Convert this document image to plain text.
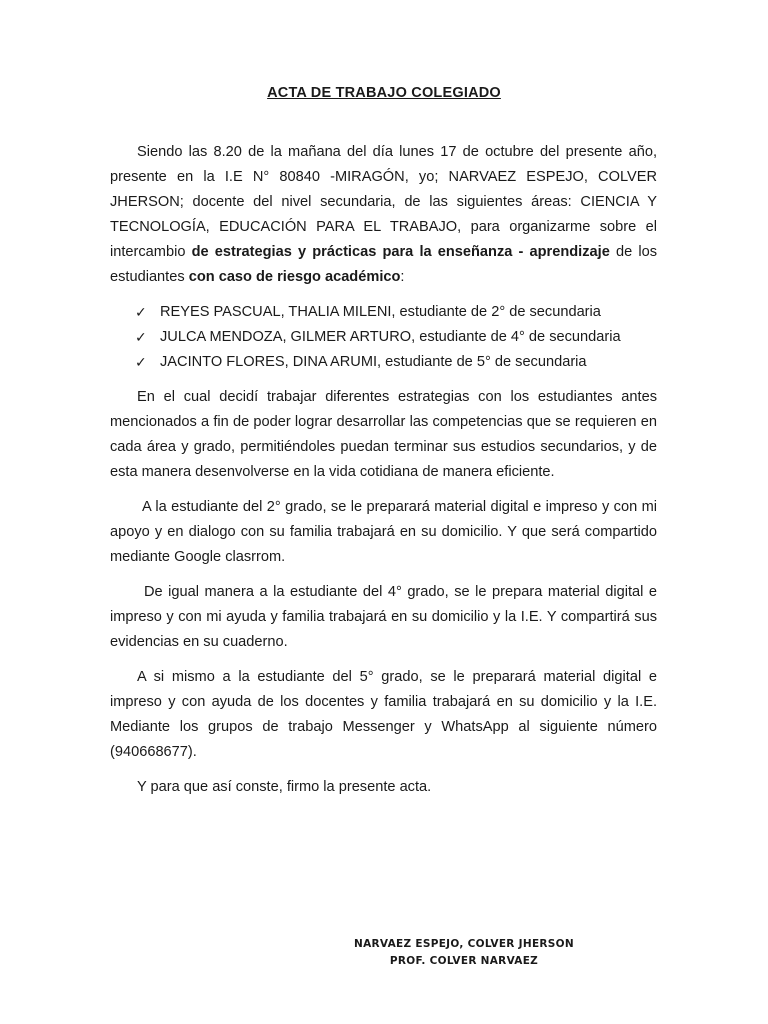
ACTA DE TRABAJO COLEGIADO

Siendo las 8.20 de la mañana del día lunes 17 de octubre del presente año, presente en la I.E N° 80840 -MIRAGÓN, yo; NARVAEZ ESPEJO, COLVER JHERSON; docente del nivel secundaria, de las siguientes áreas: CIENCIA Y TECNOLOGÍA, EDUCACIÓN PARA EL TRABAJO, para organizarme sobre el intercambio de estrategias y prácticas para la enseñanza - aprendizaje de los estudiantes con caso de riesgo académico:

✓ REYES PASCUAL, THALIA MILENI, estudiante de 2° de secundaria
✓ JULCA MENDOZA, GILMER ARTURO, estudiante de 4° de secundaria
✓ JACINTO FLORES, DINA ARUMI, estudiante de 5° de secundaria

En el cual decidí trabajar diferentes estrategias con los estudiantes antes mencionados a fin de poder lograr desarrollar las competencias que se requieren en cada área y grado, permitiéndoles puedan terminar sus estudios secundarios, y de esta manera desenvolverse en la vida cotidiana de manera eficiente.

A la estudiante del 2° grado, se le preparará material digital e impreso y con mi apoyo y en dialogo con su familia trabajará en su domicilio. Y que será compartido mediante Google clasrrom.

De igual manera a la estudiante del 4° grado, se le prepara material digital e impreso y con mi ayuda y familia trabajará en su domicilio y la I.E. Y compartirá sus evidencias en su cuaderno.

A si mismo a la estudiante del 5° grado, se le preparará material digital e impreso y con ayuda de los docentes y familia trabajará en su domicilio y la I.E. Mediante los grupos de trabajo Messenger y WhatsApp al siguiente número (940668677).

Y para que así conste, firmo la presente acta.

NARVAEZ ESPEJO, COLVER JHERSON
PROF. COLVER NARVAEZ
